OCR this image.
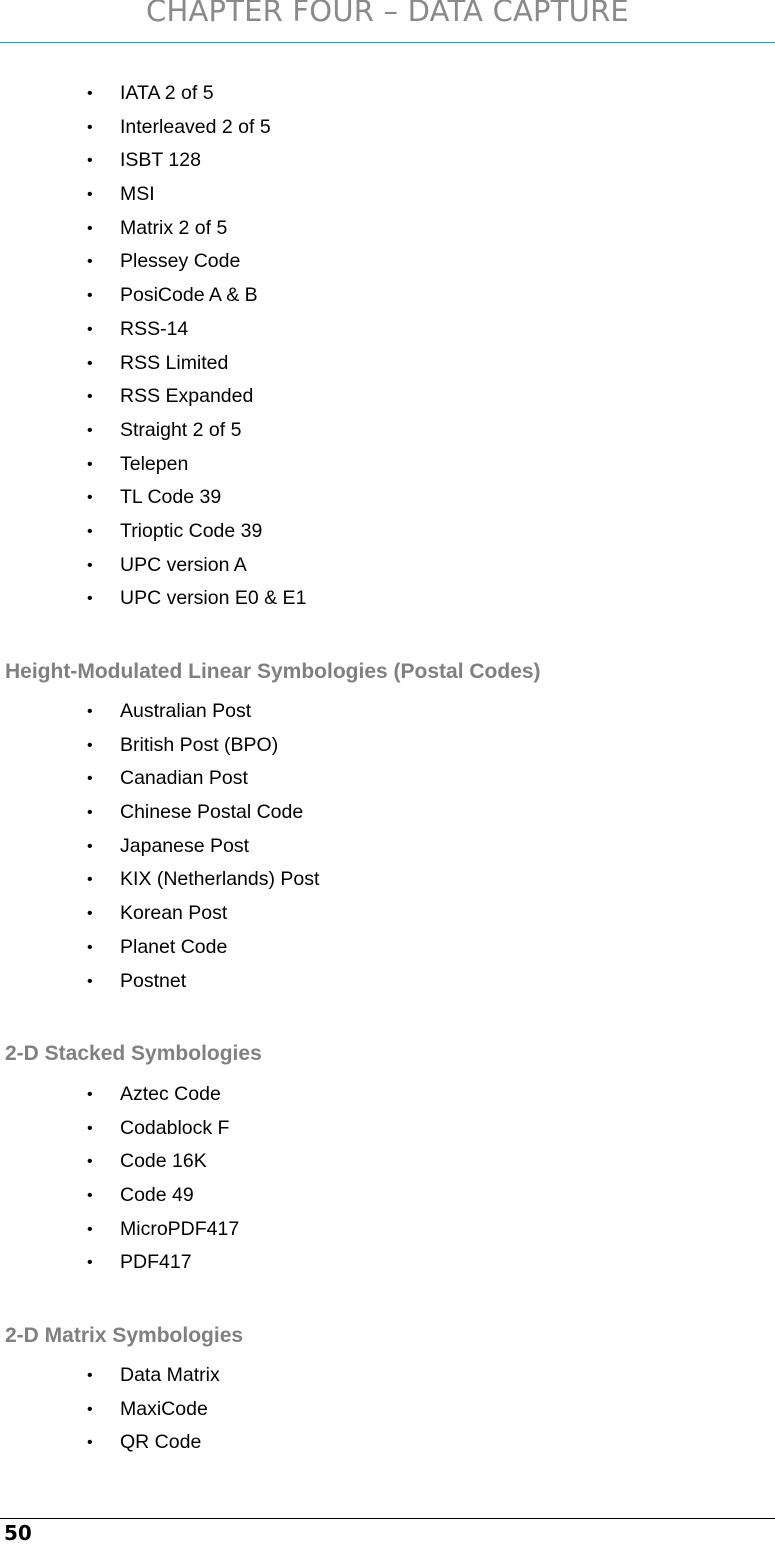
CHAPTER FOUR – DATA CAPTURE
• IATA 2 of 5
• Interleaved 2 of 5
• ISBT 128
• MSI
• Matrix 2 of 5
• Plessey Code
• PosiCode A & B
• RSS-14
• RSS Limited
• RSS Expanded
• Straight 2 of 5
• Telepen
• TL Code 39
• Trioptic Code 39
• UPC version A
• UPC version E0 & E1
Height-Modulated Linear Symbologies (Postal Codes)
• Australian Post
• British Post (BPO)
• Canadian Post
• Chinese Postal Code
• Japanese Post
• KIX (Netherlands) Post
• Korean Post
• Planet Code
• Postnet
2-D Stacked Symbologies
• Aztec Code
• Codablock F
• Code 16K
• Code 49
• MicroPDF417
• PDF417
2-D Matrix Symbologies
• Data Matrix
• MaxiCode
• QR Code
50
